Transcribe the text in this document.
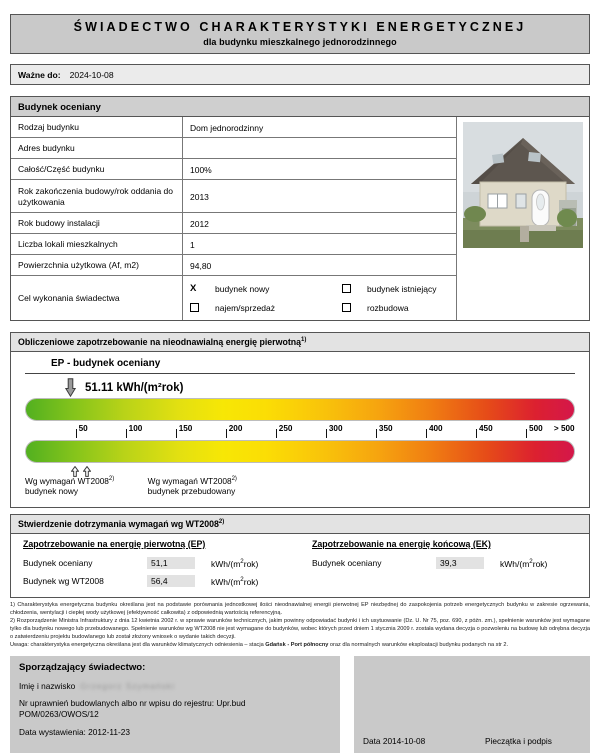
ŚWIADECTWO CHARAKTERYSTYKI ENERGETYCZNEJ
dla budynku mieszkalnego jednorodzinnego
Ważne do: 2024-10-08
Budynek oceniany
Rodzaj budynku	Dom jednorodzinny
Adres budynku
Całość/Część budynku	100%
Rok zakończenia budowy/rok oddania do użytkowania	2013
Rok budowy instalacji	2012
Liczba lokali mieszkalnych	1
Powierzchnia użytkowa (Af, m2)	94,80
Cel wykonania świadectwa
X	budynek nowy	budynek istniejący
najem/sprzedaż	rozbudowa
Obliczeniowe zapotrzebowanie na nieodnawialną energię pierwotną$^{1)}$
EP - budynek oceniany
51.11 kWh/(m²rok)
50	100	150	200	250	300	350	400	450	500 > 500
Wg wymagań WT2008$^{2)}$
budynek nowy
Wg wymagań WT2008$^{2)}$
budynek przebudowany
Stwierdzenie dotrzymania wymagań wg WT2008$^{2)}$
Zapotrzebowanie na energię pierwotną (EP)
Budynek oceniany	51,1	kWh/$(m^2rok)$
Budynek wg WT2008	56,4	kWh/$(m^2rok)$
Zapotrzebowanie na energię końcową (EK)
Budynek oceniany	39,3	kWh/$(m^2rok)$

1) Charakterystyka energetyczna budynku określana jest na podstawie porównania jednostkowej ilości nieodnawialnej energii pierwotnej EP niezbędnej do zaspokojenia potrzeb energetycznych budynku w zakresie ogrzewania, chłodzenia, wentylacji i ciepłej wody użytkowej (efektywność całkowita) z odpowiednią wartością referencyjną.

2) Rozporządzenie Ministra Infrastruktury z dnia 12 kwietnia 2002 r. w sprawie warunków technicznych, jakim powinny odpowiadać budynki i ich usytuowanie (Dz. U. Nr 75, poz. 690, z późn. zm.), spełnienie warunków jest wymagane tylko dla budynku nowego lub przebudowanego. Spełnienie warunków wg WT2008 nie jest wymagane do budynków, wobec których przed dniem 1 stycznia 2009 r. została wydana decyzja o pozwoleniu na budowę lub odrębna decyzja o zatwierdzeniu projektu budowlanego lub został złożony wniosek o wydanie takich decyzji.

Uwaga: charakterystyka energetyczna określana jest dla warunków klimatycznych odniesienia – stacja Gdańsk - Port północny oraz dla normalnych warunków eksploatacji budynku podanych na str 2.

Sporządzający świadectwo:
Imię i nazwisko Grzegorz Szymański
Nr uprawnień budowlanych albo nr wpisu do rejestru: Upr.bud
POM/0263/OWOS/12
Data wystawienia: 2012-11-23
Data 2014-10-08	Pieczątka i podpis
